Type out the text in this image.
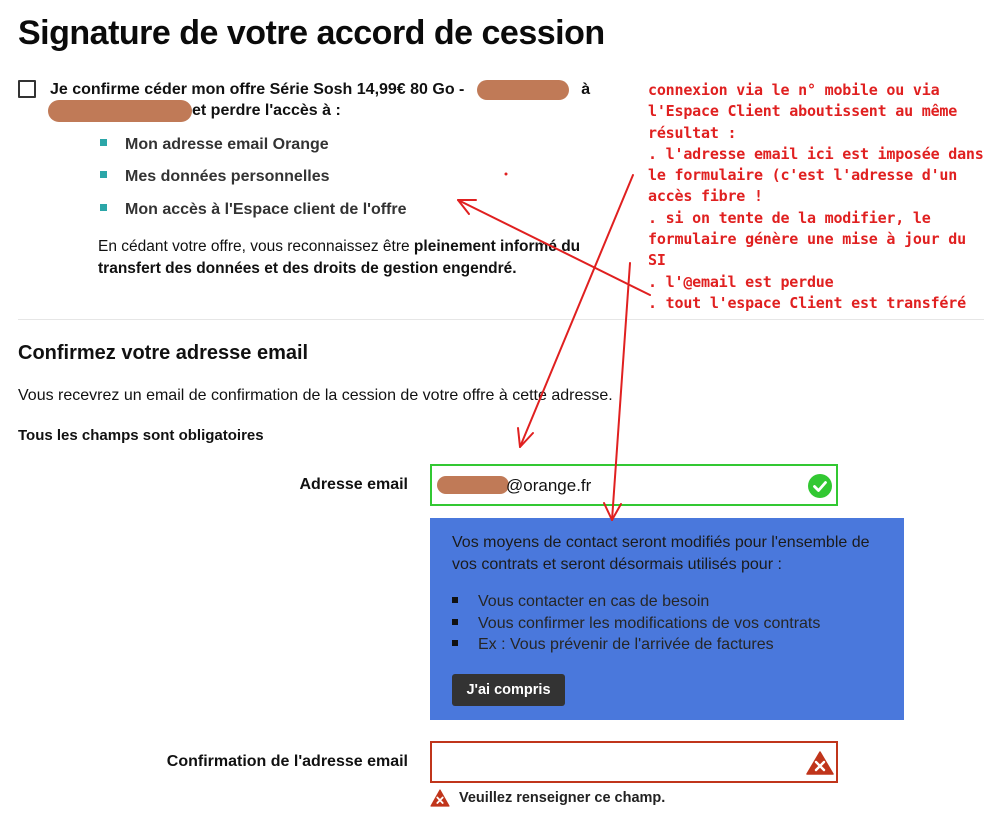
Signature de votre accord de cession
Je confirme céder mon offre Série Sosh 14,99€ 80 Go -	à
et perdre l'accès à :
Mon adresse email Orange
Mes données personnelles
Mon accès à l'Espace client de l'offre
En cédant votre offre, vous reconnaissez être pleinement informé du
transfert des données et des droits de gestion engendré.
Confirmez votre adresse email
Vous recevrez un email de confirmation de la cession de votre offre à cette adresse.
Tous les champs sont obligatoires
Adresse email	@orange.fr
Vos moyens de contact seront modifiés pour l'ensemble de vos contrats et seront désormais utilisés pour :
Vous contacter en cas de besoin
Vous confirmer les modifications de vos contrats
Ex : Vous prévenir de l'arrivée de factures
J'ai compris
Confirmation de l'adresse email
Veuillez renseigner ce champ.
connexion via le n° mobile ou via
l'Espace Client aboutissent au même
résultat :
. l'adresse email ici est imposée dans
le formulaire (c'est l'adresse d'un
accès fibre !
. si on tente de la modifier, le
formulaire génère une mise à jour du
SI
. l'@email est perdue
. tout l'espace Client est transféré
